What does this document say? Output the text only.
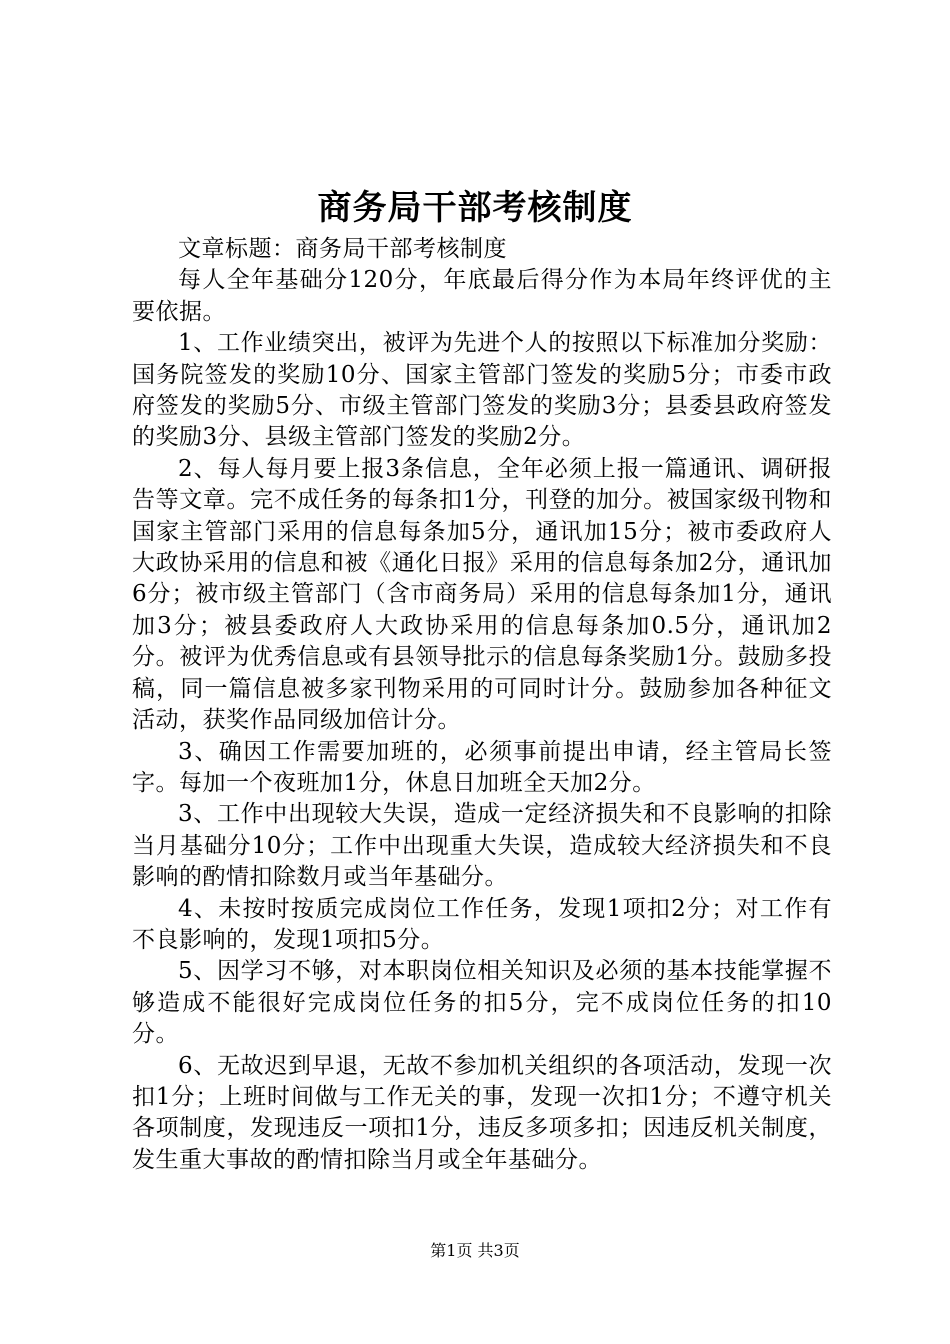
商务局干部考核制度

文章标题：商务局干部考核制度

每人全年基础分120分，年底最后得分作为本局年终评优的主要依据。

1、工作业绩突出，被评为先进个人的按照以下标准加分奖励：国务院签发的奖励10分、国家主管部门签发的奖励5分；市委市政府签发的奖励5分、市级主管部门签发的奖励3分；县委县政府签发的奖励3分、县级主管部门签发的奖励2分。

2、每人每月要上报3条信息，全年必须上报一篇通讯、调研报告等文章。完不成任务的每条扣1分，刊登的加分。被国家级刊物和国家主管部门采用的信息每条加5分，通讯加15分；被市委政府人大政协采用的信息和被《通化日报》采用的信息每条加2分，通讯加6分；被市级主管部门（含市商务局）采用的信息每条加1分，通讯加3分；被县委政府人大政协采用的信息每条加0.5分，通讯加2分。被评为优秀信息或有县领导批示的信息每条奖励1分。鼓励多投稿，同一篇信息被多家刊物采用的可同时计分。鼓励参加各种征文活动，获奖作品同级加倍计分。

3、确因工作需要加班的，必须事前提出申请，经主管局长签字。每加一个夜班加1分，休息日加班全天加2分。

3、工作中出现较大失误，造成一定经济损失和不良影响的扣除当月基础分10分；工作中出现重大失误，造成较大经济损失和不良影响的酌情扣除数月或当年基础分。

4、未按时按质完成岗位工作任务，发现1项扣2分；对工作有不良影响的，发现1项扣5分。

5、因学习不够，对本职岗位相关知识及必须的基本技能掌握不够造成不能很好完成岗位任务的扣5分，完不成岗位任务的扣10分。

6、无故迟到早退，无故不参加机关组织的各项活动，发现一次扣1分；上班时间做与工作无关的事，发现一次扣1分；不遵守机关各项制度，发现违反一项扣1分，违反多项多扣；因违反机关制度，发生重大事故的酌情扣除当月或全年基础分。

第1页 共3页
